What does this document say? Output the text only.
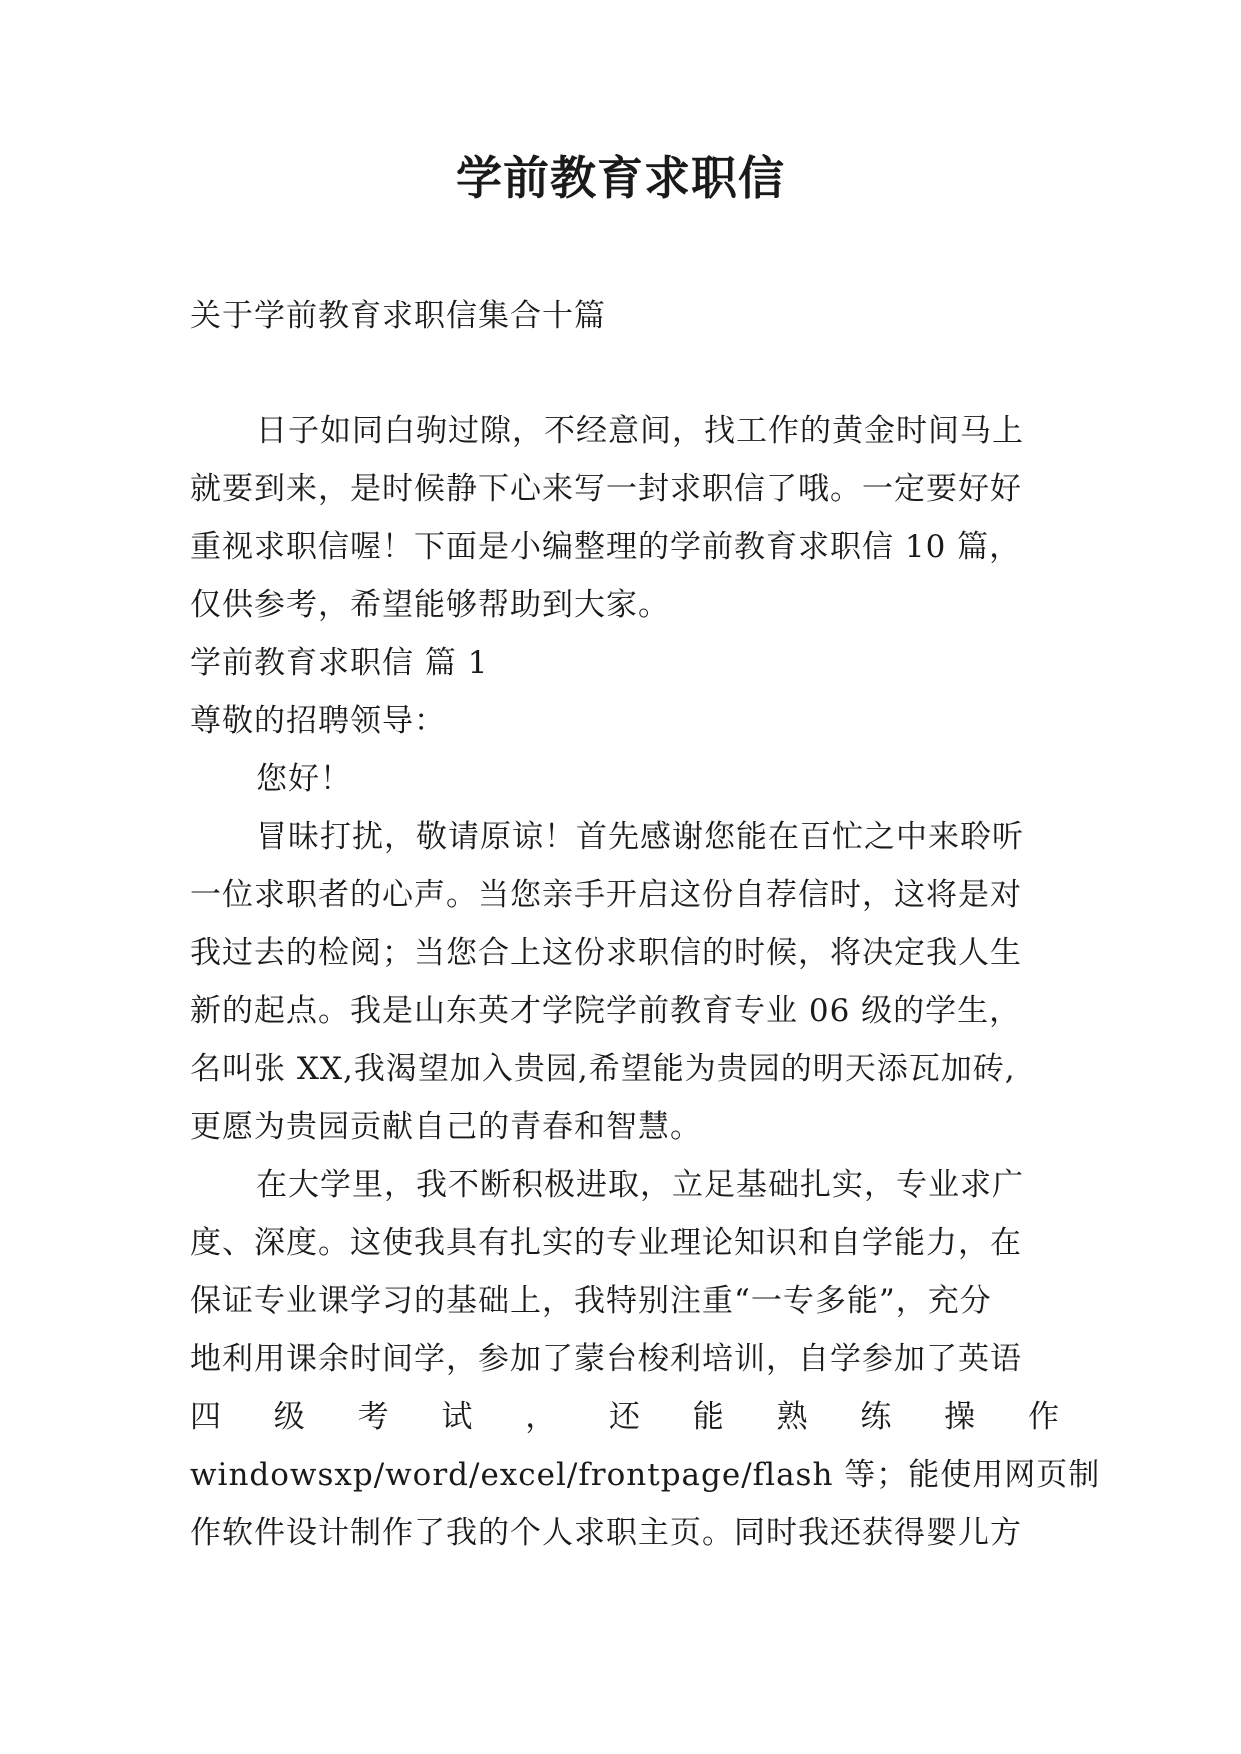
学前教育求职信
关于学前教育求职信集合十篇
日子如同白驹过隙，不经意间，找工作的黄金时间马上
就要到来，是时候静下心来写一封求职信了哦。一定要好好
重视求职信喔！下面是小编整理的学前教育求职信 10 篇，
仅供参考，希望能够帮助到大家。
学前教育求职信 篇 1
尊敬的招聘领导：
您好！
冒昧打扰，敬请原谅！首先感谢您能在百忙之中来聆听
一位求职者的心声。当您亲手开启这份自荐信时，这将是对
我过去的检阅；当您合上这份求职信的时候，将决定我人生
新的起点。我是山东英才学院学前教育专业 06 级的学生，
名叫张 XX,我渴望加入贵园,希望能为贵园的明天添瓦加砖,
更愿为贵园贡献自己的青春和智慧。
在大学里，我不断积极进取，立足基础扎实，专业求广
度、深度。这使我具有扎实的专业理论知识和自学能力，在
保证专业课学习的基础上，我特别注重“一专多能”，充分
地利用课余时间学，参加了蒙台梭利培训，自学参加了英语
四 级 考 试 ， 还 能 熟 练 操 作
windowsxp/word/excel/frontpage/flash 等；能使用网页制
作软件设计制作了我的个人求职主页。同时我还获得婴儿方
